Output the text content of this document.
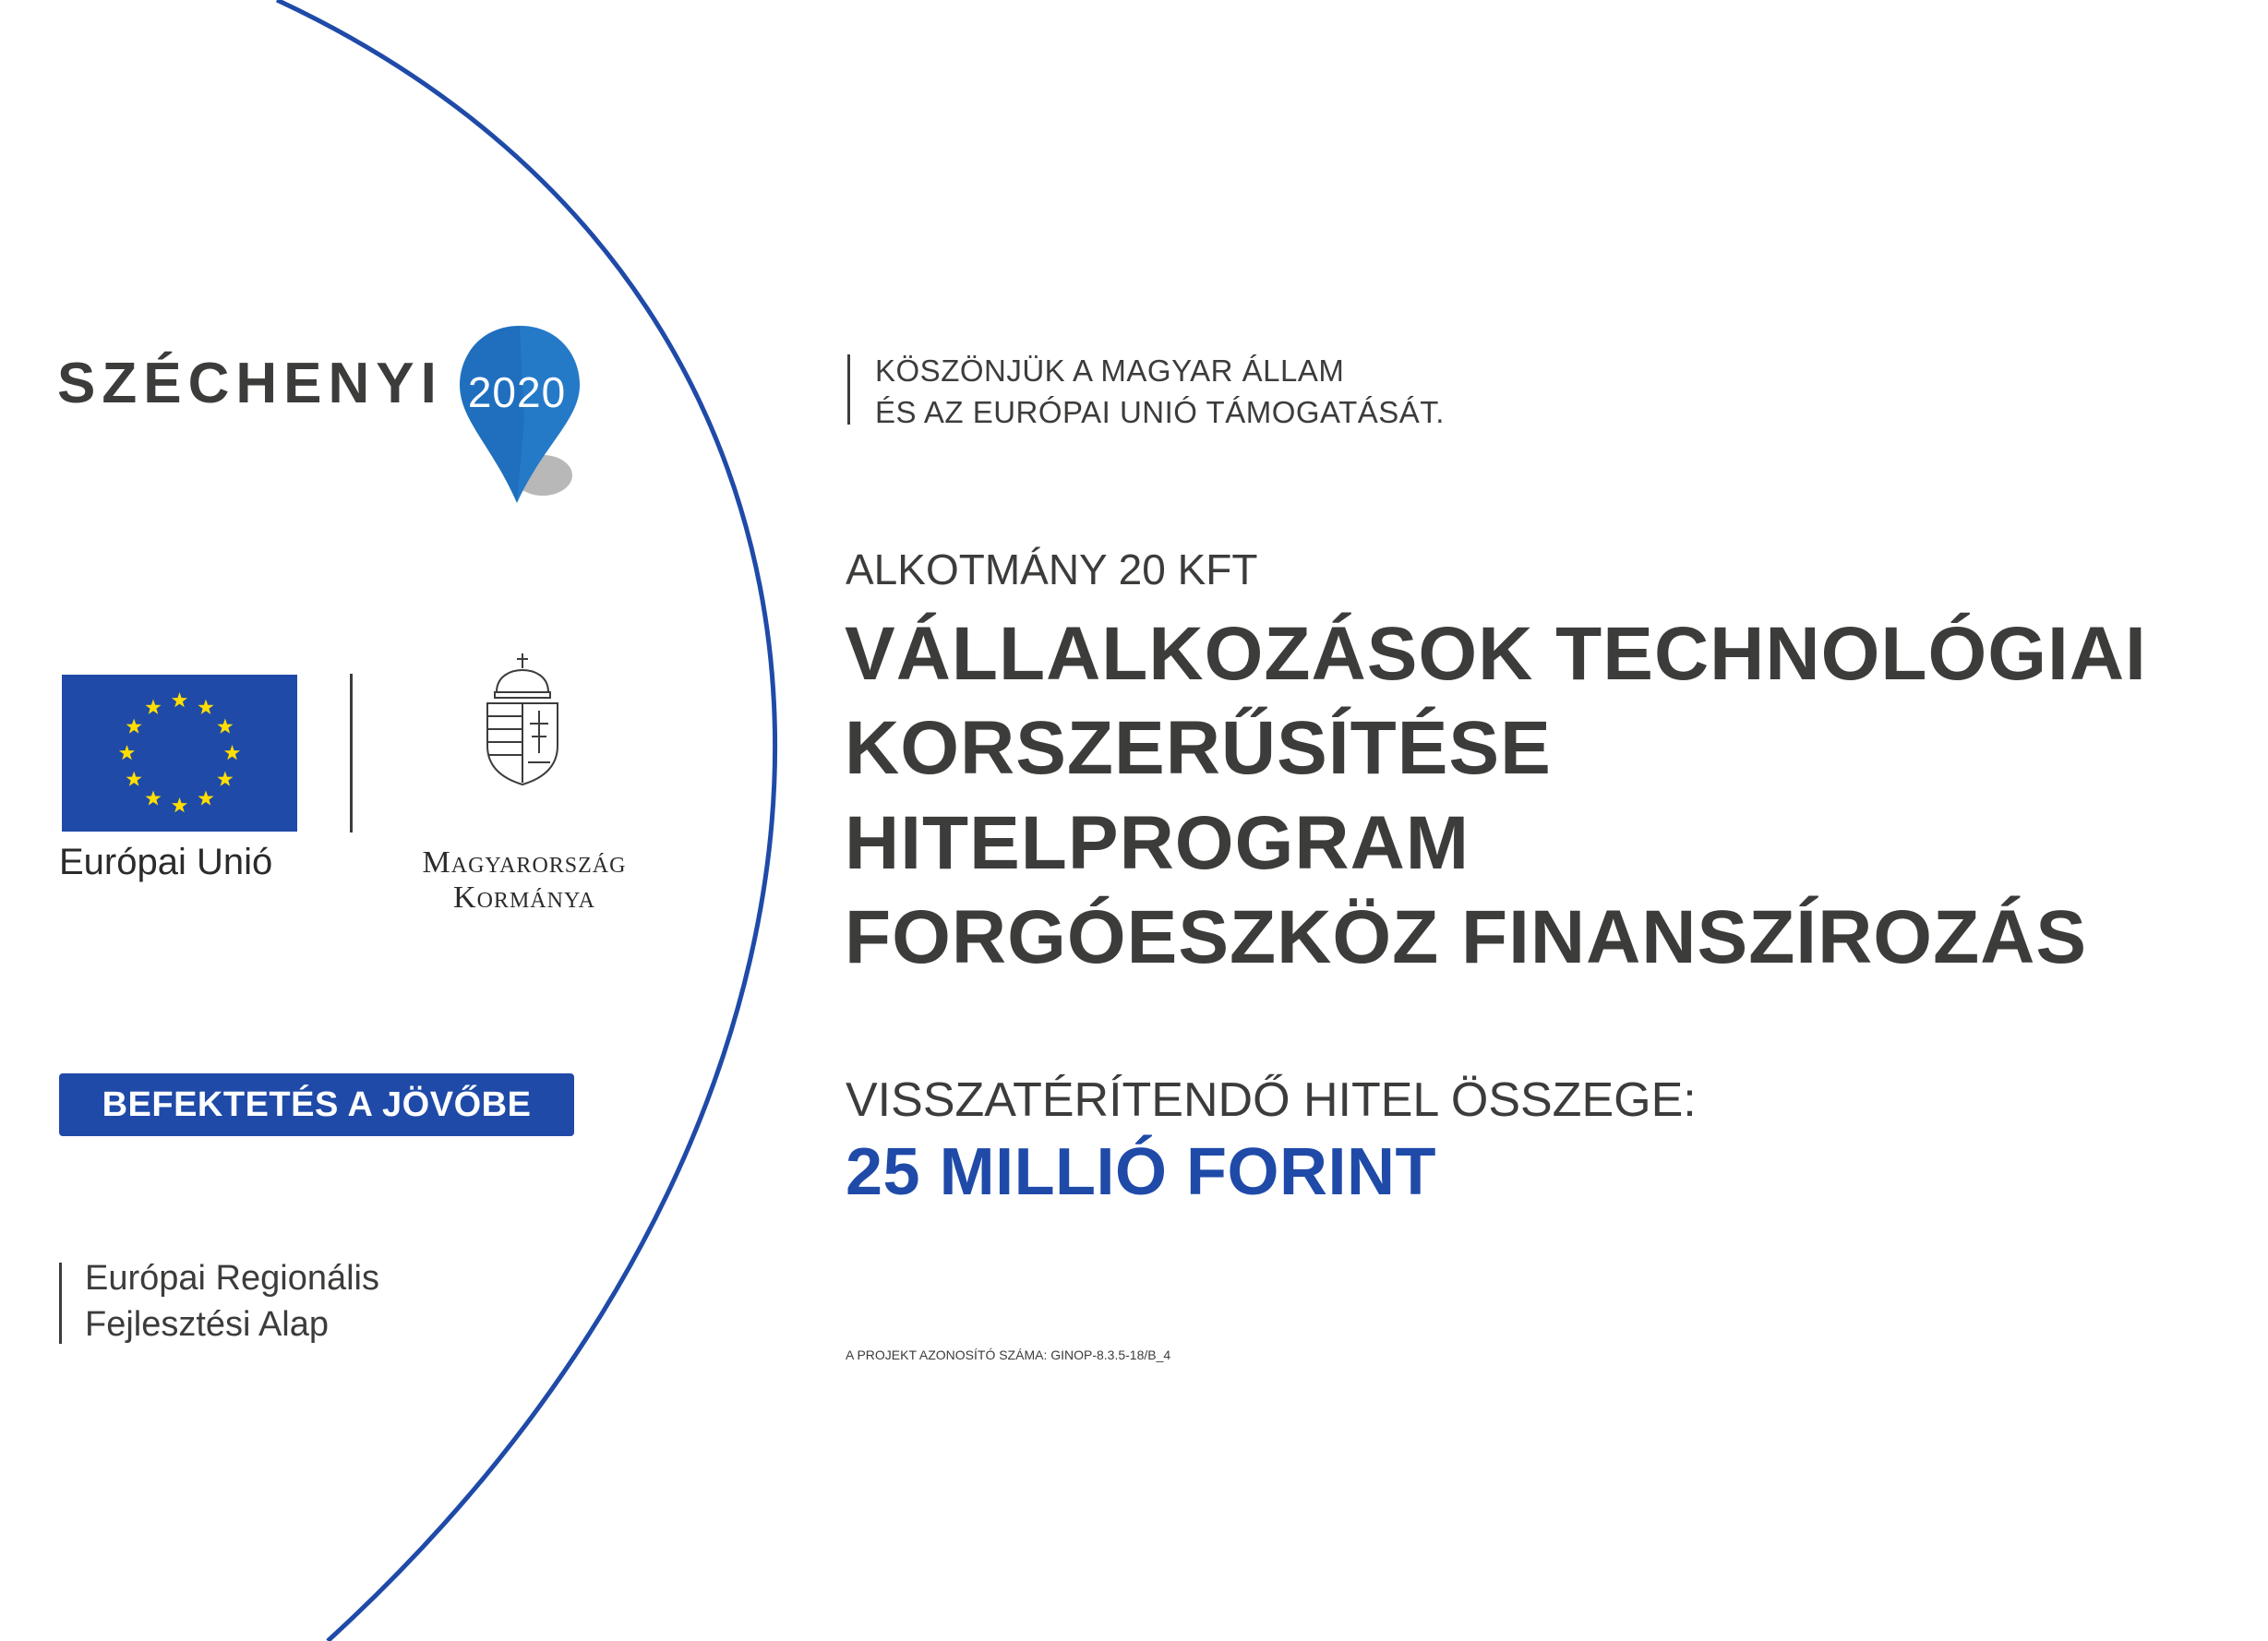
SZÉCHENYI 2020
Európai Unió	Magyarország
Kormánya
BEFEKTETÉS A JÖVŐBE
Európai Regionális
Fejlesztési Alap
KÖSZÖNJÜK A MAGYAR ÁLLAM
ÉS AZ EURÓPAI UNIÓ TÁMOGATÁSÁT.
ALKOTMÁNY 20 KFT
VÁLLALKOZÁSOK TECHNOLÓGIAI
KORSZERŰSÍTÉSE
HITELPROGRAM
FORGÓESZKÖZ FINANSZÍROZÁS
VISSZATÉRÍTENDŐ HITEL ÖSSZEGE:
25 MILLIÓ FORINT
A PROJEKT AZONOSÍTÓ SZÁMA: GINOP-8.3.5-18/B_4
